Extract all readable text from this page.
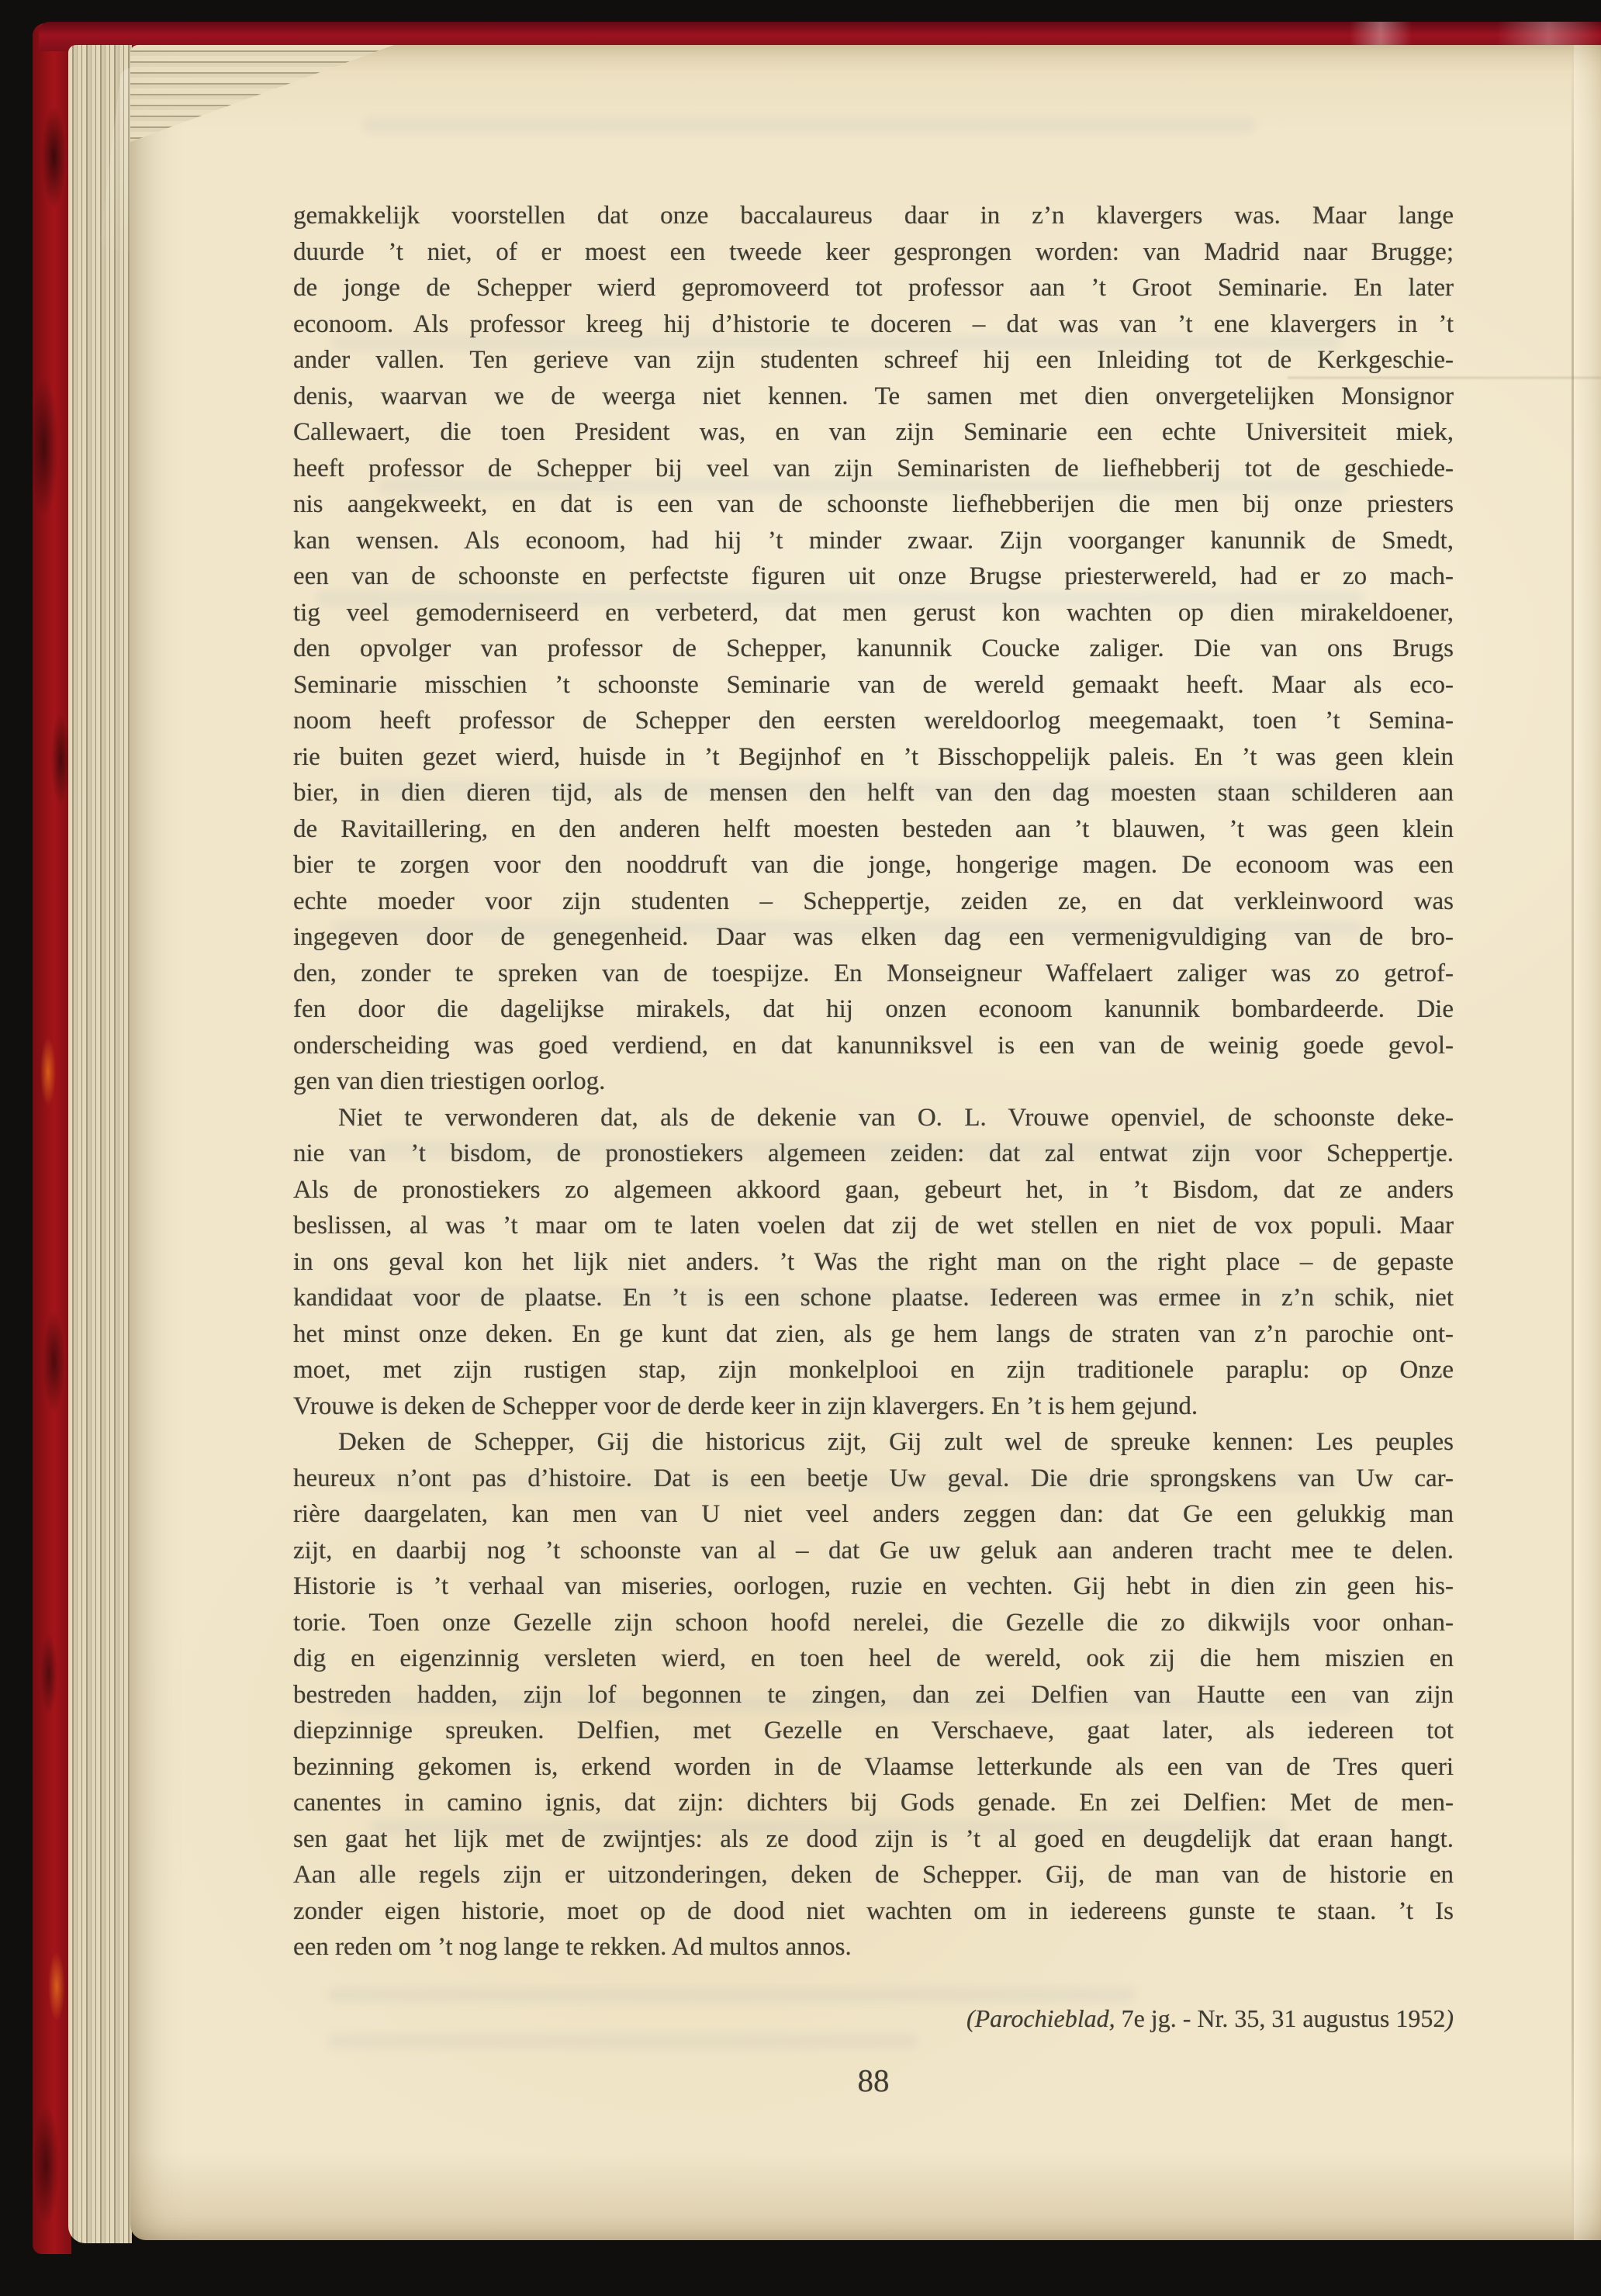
gemakkelijk voorstellen dat onze baccalaureus daar in z’n klavergers was. Maar lange
duurde ’t niet, of er moest een tweede keer gesprongen worden: van Madrid naar Brugge;
de jonge de Schepper wierd gepromoveerd tot professor aan ’t Groot Seminarie. En later
econoom. Als professor kreeg hij d’historie te doceren – dat was van ’t ene klavergers in ’t
ander vallen. Ten gerieve van zijn studenten schreef hij een Inleiding tot de Kerkgeschie-
denis, waarvan we de weerga niet kennen. Te samen met dien onvergetelijken Monsignor
Callewaert, die toen President was, en van zijn Seminarie een echte Universiteit miek,
heeft professor de Schepper bij veel van zijn Seminaristen de liefhebberij tot de geschiede-
nis aangekweekt, en dat is een van de schoonste liefhebberijen die men bij onze priesters
kan wensen. Als econoom, had hij ’t minder zwaar. Zijn voorganger kanunnik de Smedt,
een van de schoonste en perfectste figuren uit onze Brugse priesterwereld, had er zo mach-
tig veel gemoderniseerd en verbeterd, dat men gerust kon wachten op dien mirakeldoener,
den opvolger van professor de Schepper, kanunnik Coucke zaliger. Die van ons Brugs
Seminarie misschien ’t schoonste Seminarie van de wereld gemaakt heeft. Maar als eco-
noom heeft professor de Schepper den eersten wereldoorlog meegemaakt, toen ’t Semina-
rie buiten gezet wierd, huisde in ’t Begijnhof en ’t Bisschoppelijk paleis. En ’t was geen klein
bier, in dien dieren tijd, als de mensen den helft van den dag moesten staan schilderen aan
de Ravitaillering, en den anderen helft moesten besteden aan ’t blauwen, ’t was geen klein
bier te zorgen voor den nooddruft van die jonge, hongerige magen. De econoom was een
echte moeder voor zijn studenten – Scheppertje, zeiden ze, en dat verkleinwoord was
ingegeven door de genegenheid. Daar was elken dag een vermenigvuldiging van de bro-
den, zonder te spreken van de toespijze. En Monseigneur Waffelaert zaliger was zo getrof-
fen door die dagelijkse mirakels, dat hij onzen econoom kanunnik bombardeerde. Die
onderscheiding was goed verdiend, en dat kanunniksvel is een van de weinig goede gevol-
gen van dien triestigen oorlog.
Niet te verwonderen dat, als de dekenie van O. L. Vrouwe openviel, de schoonste deke-
nie van ’t bisdom, de pronostiekers algemeen zeiden: dat zal entwat zijn voor Scheppertje.
Als de pronostiekers zo algemeen akkoord gaan, gebeurt het, in ’t Bisdom, dat ze anders
beslissen, al was ’t maar om te laten voelen dat zij de wet stellen en niet de vox populi. Maar
in ons geval kon het lijk niet anders. ’t Was the right man on the right place – de gepaste
kandidaat voor de plaatse. En ’t is een schone plaatse. Iedereen was ermee in z’n schik, niet
het minst onze deken. En ge kunt dat zien, als ge hem langs de straten van z’n parochie ont-
moet, met zijn rustigen stap, zijn monkelplooi en zijn traditionele paraplu: op Onze
Vrouwe is deken de Schepper voor de derde keer in zijn klavergers. En ’t is hem gejund.
Deken de Schepper, Gij die historicus zijt, Gij zult wel de spreuke kennen: Les peuples
heureux n’ont pas d’histoire. Dat is een beetje Uw geval. Die drie sprongskens van Uw car-
rière daargelaten, kan men van U niet veel anders zeggen dan: dat Ge een gelukkig man
zijt, en daarbij nog ’t schoonste van al – dat Ge uw geluk aan anderen tracht mee te delen.
Historie is ’t verhaal van miseries, oorlogen, ruzie en vechten. Gij hebt in dien zin geen his-
torie. Toen onze Gezelle zijn schoon hoofd nerelei, die Gezelle die zo dikwijls voor onhan-
dig en eigenzinnig versleten wierd, en toen heel de wereld, ook zij die hem miszien en
bestreden hadden, zijn lof begonnen te zingen, dan zei Delfien van Hautte een van zijn
diepzinnige spreuken. Delfien, met Gezelle en Verschaeve, gaat later, als iedereen tot
bezinning gekomen is, erkend worden in de Vlaamse letterkunde als een van de Tres queri
canentes in camino ignis, dat zijn: dichters bij Gods genade. En zei Delfien: Met de men-
sen gaat het lijk met de zwijntjes: als ze dood zijn is ’t al goed en deugdelijk dat eraan hangt.
Aan alle regels zijn er uitzonderingen, deken de Schepper. Gij, de man van de historie en
zonder eigen historie, moet op de dood niet wachten om in iedereens gunste te staan. ’t Is
een reden om ’t nog lange te rekken. Ad multos annos.
(Parochieblad, 7e jg. - Nr. 35, 31 augustus 1952)
88
